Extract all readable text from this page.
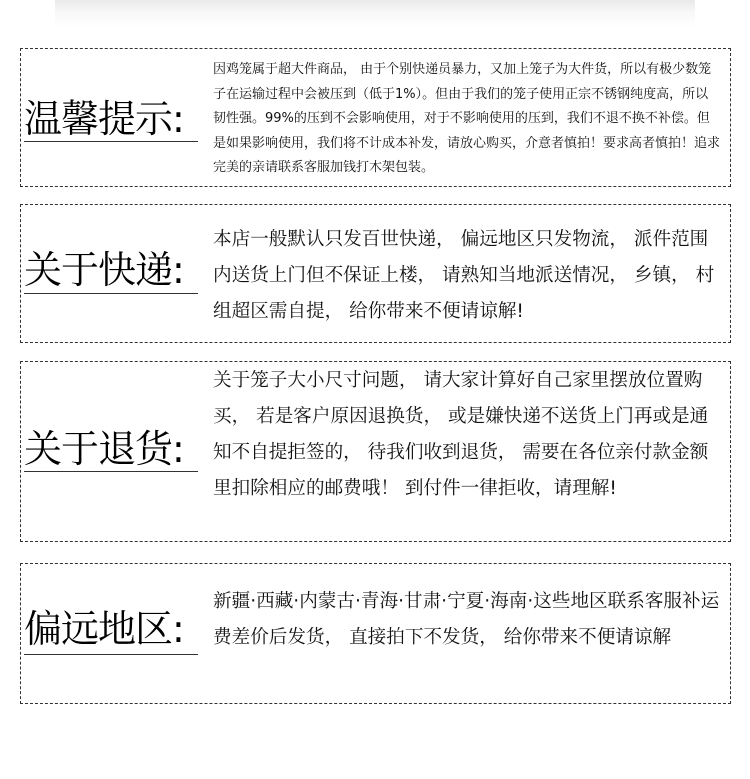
温馨提示:
因鸡笼属于超大件商品， 由于个别快递员暴力，又加上笼子为大件货，所以有极少数笼子在运输过程中会被压到（低于1%）。但由于我们的笼子使用正宗不锈钢纯度高，所以韧性强。99%的压到不会影响使用，对于不影响使用的压到，我们不退不换不补偿。但是如果影响使用，我们将不计成本补发，请放心购买，介意者慎拍！要求高者慎拍！追求完美的亲请联系客服加钱打木架包装。
关于快递:
本店一般默认只发百世快递， 偏远地区只发物流， 派件范围内送货上门但不保证上楼， 请熟知当地派送情况， 乡镇， 村组超区需自提， 给你带来不便请谅解!
关于退货:
关于笼子大小尺寸问题， 请大家计算好自己家里摆放位置购买， 若是客户原因退换货， 或是嫌快递不送货上门再或是通知不自提拒签的， 待我们收到退货， 需要在各位亲付款金额里扣除相应的邮费哦！ 到付件一律拒收，请理解!
偏远地区:
新疆·西藏·内蒙古·青海·甘肃·宁夏·海南·这些地区联系客服补运费差价后发货， 直接拍下不发货， 给你带来不便请谅解
